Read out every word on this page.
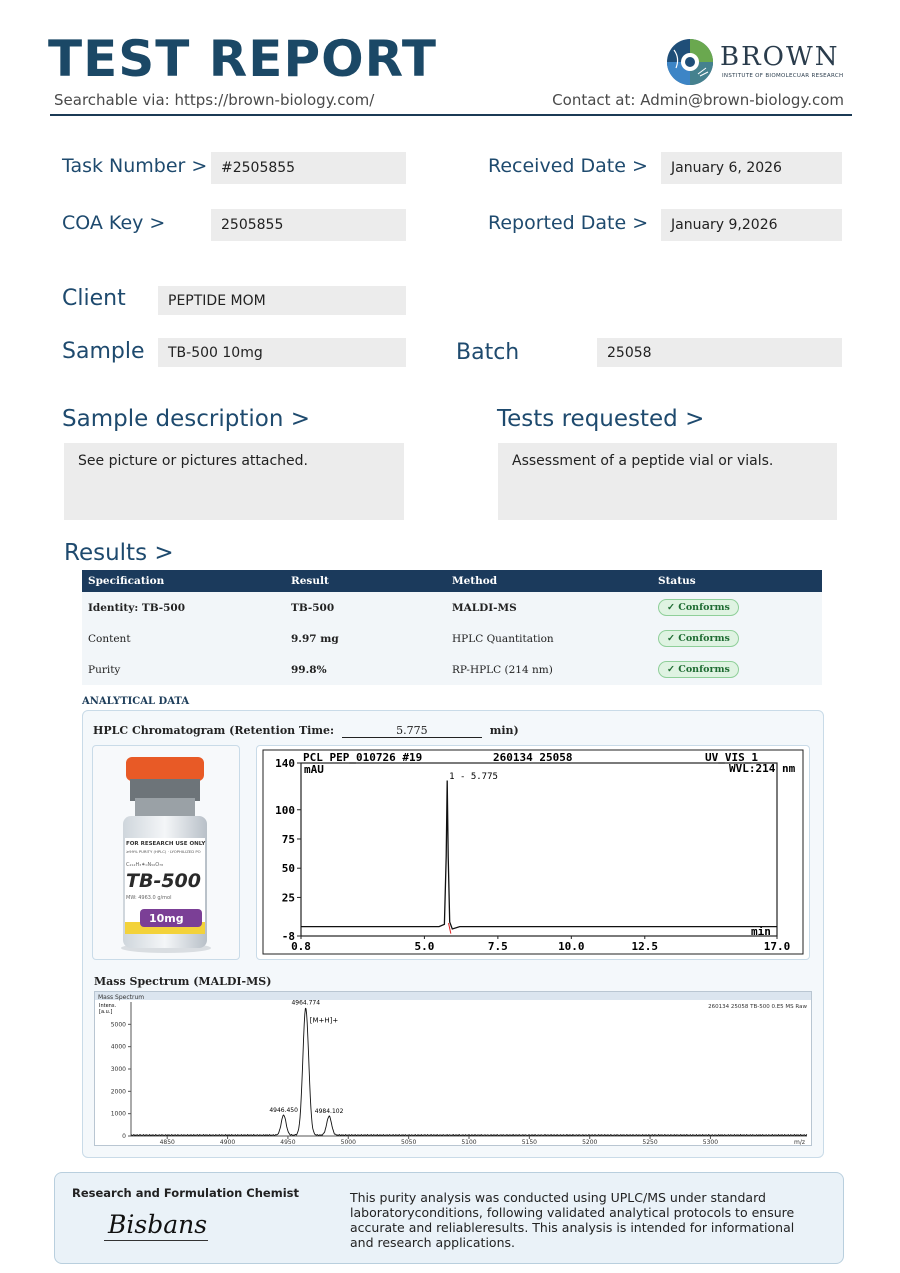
TEST REPORT
Searchable via: https://brown-biology.com/	Contact at: Admin@brown-biology.com
BROWN
INSTITUTE OF BIOMOLECUAR RESEARCH
Task Number > #2505855	Received Date >	January 6, 2026
COA Key >	2505855	Reported Date >	January 9,2026
Client	PEPTIDE MOM
Sample	TB-500 10mg	Batch	25058
Sample description >
See picture or pictures attached.
Tests requested >
Assessment of a peptide vial or vials.
Results >
Specification	Result	Method	Status
Identity: TB-500	TB-500	MALDI-MS	✓ Conforms
Content	9.97 mg	HPLC Quantitation	✓ Conforms
Purity	99.8%	RP-HPLC (214 nm)	✓ Conforms
ANALYTICAL DATA
HPLC Chromatogram (Retention Time:	5.775	min)
FOR RESEARCH USE ONLY
≥99% PURITY (HPLC) · LYOPHILIZED PO
C₂₁₂H₃⁕₀N₅₆O₇₈
TB-500
MW: 4963.0 g/mol
10mg
PCL PEP_010726 #19	260134 25058	UV_VIS_1
WVL:214 nm
mAU
min
140
100
75
50
25
-8
0.8	5.0	7.5	10.0	12.5	17.0
1 - 5.775
Mass Spectrum (MALDI-MS)
Mass Spectrum
260134 25058 TB-500 0.E5 MS Raw
Intens.
[a.u.]
0
1000
2000
3000
4000
5000
4850	4900	4950	5000	5050	5100	5150	5200	5250	5300	m/z
4946.450
4964.774
[M+H]+
4984.102
Research and Formulation Chemist
Bisbans
This purity analysis was conducted using UPLC/MS under standard laboratoryconditions, following validated analytical protocols to ensure accurate and reliableresults. This analysis is intended for informational and research applications.
